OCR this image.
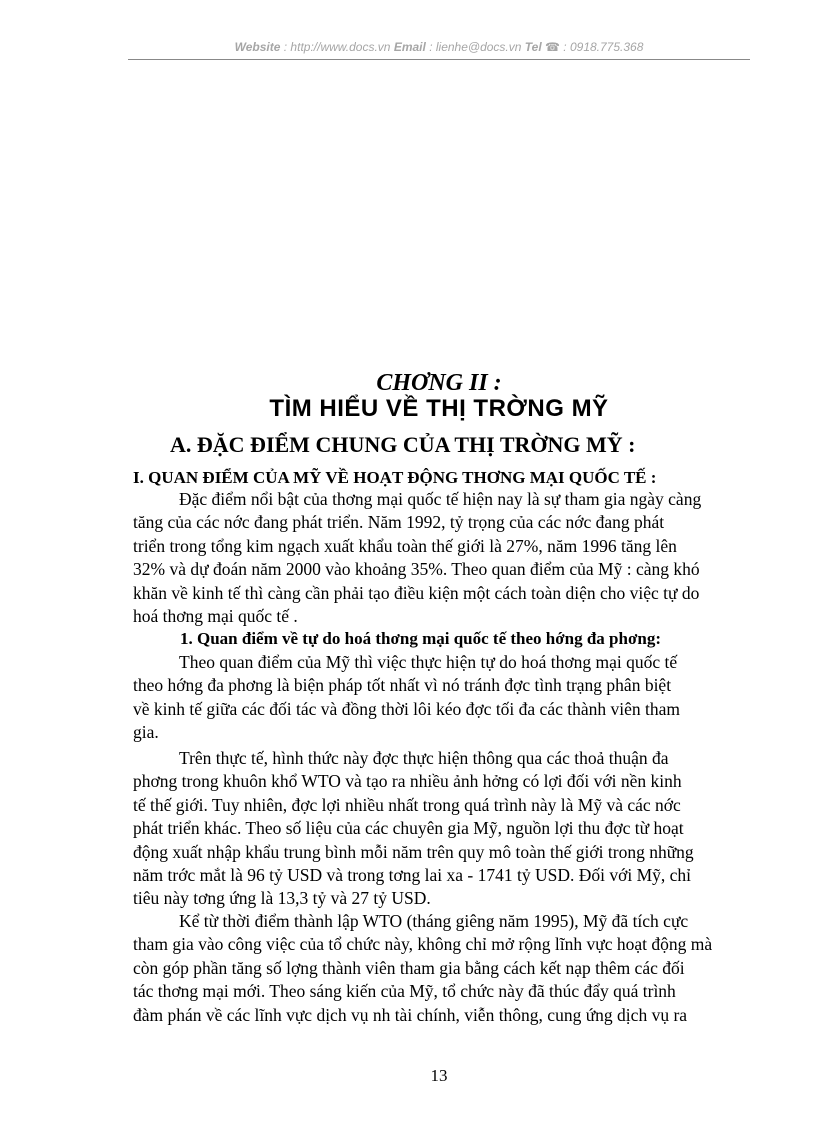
Website : http://www.docs.vn Email : lienhe@docs.vn Tel ☎ : 0918.775.368
CHƠNG II :
TÌM HIỂU VỀ THỊ TRỜNG MỸ
A. ĐẶC ĐIỂM CHUNG CỦA THỊ TRỜNG MỸ :
I. QUAN ĐIỂM CỦA MỸ VỀ HOẠT ĐỘNG THƠNG MẠI QUỐC TẾ :
Đặc điểm nổi bật của thơng mại quốc tế hiện nay là sự tham gia ngày càng
tăng của các nớc đang phát triển. Năm 1992, tỷ trọng của các nớc đang phát
triển trong tổng kim ngạch xuất khẩu toàn thế giới là 27%, năm 1996 tăng lên
32% và dự đoán năm 2000 vào khoảng 35%. Theo quan điểm của Mỹ : càng khó
khăn về kinh tế thì càng cần phải tạo điều kiện một cách toàn diện cho việc tự do
hoá thơng mại quốc tế .
1. Quan điểm về tự do hoá thơng mại quốc tế theo hớng đa phơng:
Theo quan điểm của Mỹ thì việc thực hiện tự do hoá thơng mại quốc tế
theo hớng đa phơng là biện pháp tốt nhất vì nó tránh đợc tình trạng phân biệt
về kinh tế giữa các đối tác và đồng thời lôi kéo đợc tối đa các thành viên tham
gia.
Trên thực tế, hình thức này đợc thực hiện thông qua các thoả thuận đa
phơng trong khuôn khổ WTO và tạo ra nhiều ảnh hởng có lợi đối với nền kinh
tế thế giới. Tuy nhiên, đợc lợi nhiều nhất trong quá trình này là Mỹ và các nớc
phát triển khác. Theo số liệu của các chuyên gia Mỹ, nguồn lợi thu đợc từ hoạt
động xuất nhập khẩu trung bình mỗi năm trên quy mô toàn thế giới trong những
năm trớc mắt là 96 tỷ USD và trong tơng lai xa - 1741 tỷ USD. Đối với Mỹ, chỉ
tiêu này tơng ứng là 13,3 tỷ và 27 tỷ USD.
Kể từ thời điểm thành lập WTO (tháng giêng năm 1995), Mỹ đã tích cực
tham gia vào công việc của tổ chức này, không chỉ mở rộng lĩnh vực hoạt động mà
còn góp phần tăng số lợng thành viên tham gia bằng cách kết nạp thêm các đối
tác thơng mại mới. Theo sáng kiến của Mỹ, tổ chức này đã thúc đẩy quá trình
đàm phán về các lĩnh vực dịch vụ nh tài chính, viễn thông, cung ứng dịch vụ ra
13
